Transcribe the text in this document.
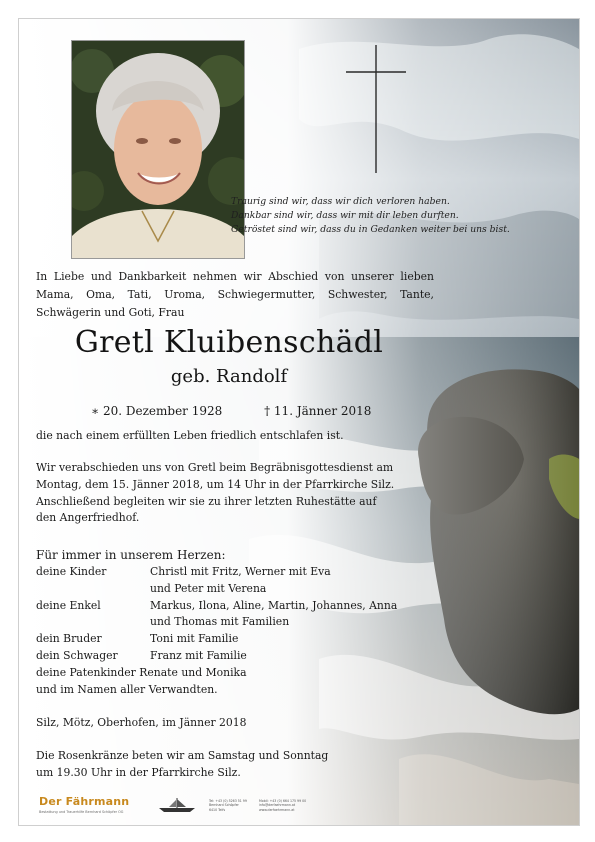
Traurig sind wir, dass wir dich verloren haben.
Dankbar sind wir, dass wir mit dir leben durften.
Getröstet sind wir, dass du in Gedanken weiter bei uns bist.
In Liebe und Dankbarkeit nehmen wir Abschied von unserer lieben Mama, Oma, Tati, Uroma, Schwiegermutter, Schwester, Tante, Schwägerin und Goti, Frau
Gretl Kluibenschädl
geb. Randolf
∗ 20. Dezember 1928	† 11. Jänner 2018
die nach einem erfüllten Leben friedlich entschlafen ist.
Wir verabschieden uns von Gretl beim Begräbnisgottesdienst am
Montag, dem 15. Jänner 2018, um 14 Uhr in der Pfarrkirche Silz.
Anschließend begleiten wir sie zu ihrer letzten Ruhestätte auf
den Angerfriedhof.
Für immer in unserem Herzen:
deine Kinder	Christl mit Fritz, Werner mit Eva
und Peter mit Verena
deine Enkel	Markus, Ilona, Aline, Martin, Johannes, Anna
und Thomas mit Familien
dein Bruder	Toni mit Familie
dein Schwager	Franz mit Familie
deine Patenkinder Renate und Monika
und im Namen aller Verwandten.
Silz, Mötz, Oberhofen, im Jänner 2018
Die Rosenkränze beten wir am Samstag und Sonntag
um 19.30 Uhr in der Pfarrkirche Silz.
Der Fährmann
Bestattung und Trauerhilfe Bernhard Schöpfer OG
Tel: +43 (0) 5263 51 99
Bernhard Schöpfer
6410 Telfs
Mobil: +43 (0) 664 175 99 00
info@derfaehrmann.at
www.derfaehrmann.at
